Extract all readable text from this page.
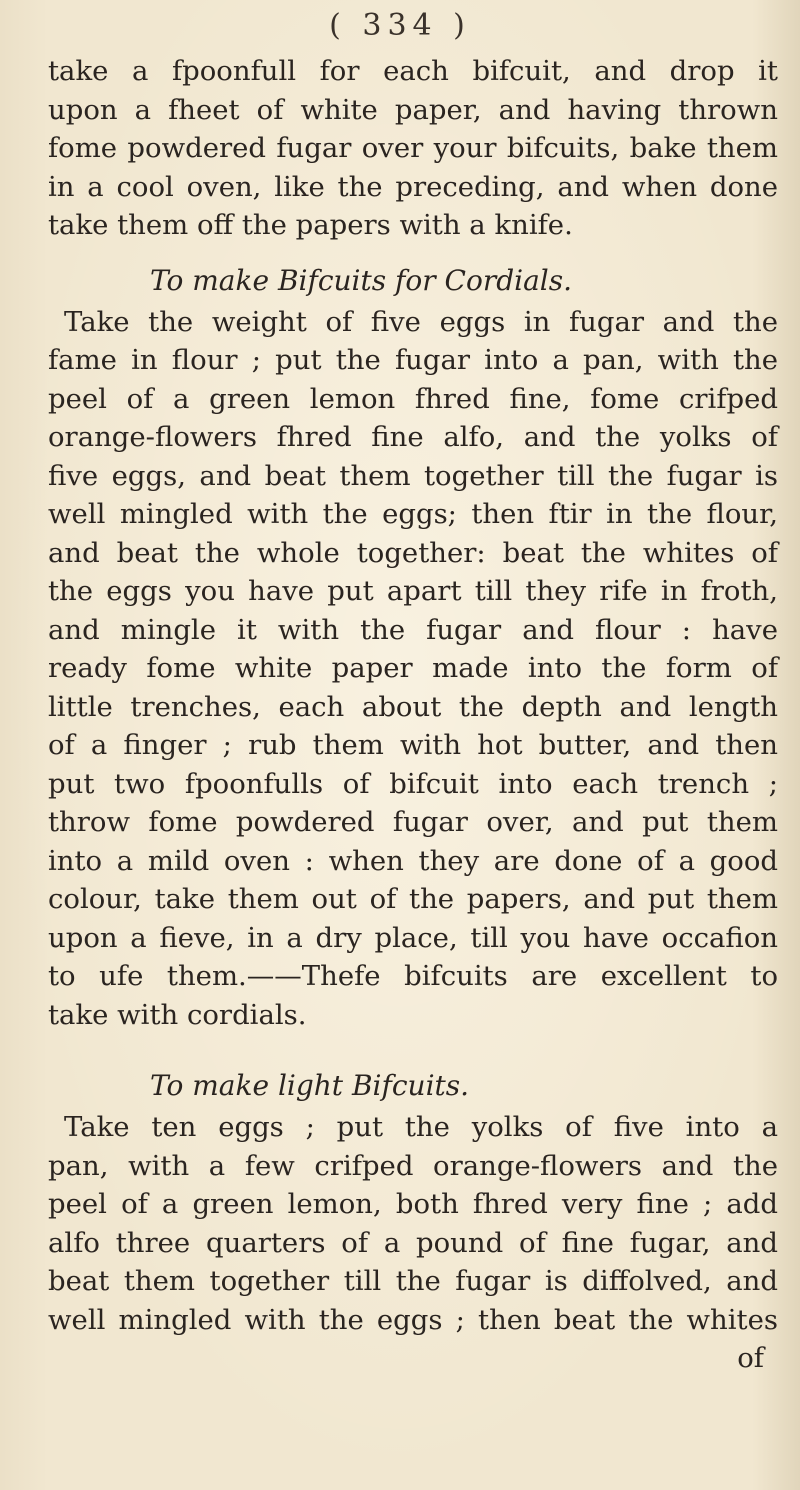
( 334 )
take a fpoonfull for each bifcuit, and drop it
upon a fheet of white paper, and having thrown
fome powdered fugar over your bifcuits, bake them
in a cool oven, like the preceding, and when done
take them off the papers with a knife.
To make Bifcuits for Cordials.
Take the weight of five eggs in fugar and the
fame in flour ; put the fugar into a pan, with the
peel of a green lemon fhred fine, fome crifped
orange-flowers fhred fine alfo, and the yolks of
five eggs, and beat them together till the fugar is
well mingled with the eggs; then ftir in the flour,
and beat the whole together: beat the whites of
the eggs you have put apart till they rife in froth,
and mingle it with the fugar and flour : have
ready fome white paper made into the form of
little trenches, each about the depth and length
of a finger ; rub them with hot butter, and then
put two fpoonfulls of bifcuit into each trench ;
throw fome powdered fugar over, and put them
into a mild oven : when they are done of a good
colour, take them out of the papers, and put them
upon a fieve, in a dry place, till you have occafion
to ufe them.——Thefe bifcuits are excellent to
take with cordials.
To make light Bifcuits.
Take ten eggs ; put the yolks of five into a
pan, with a few crifped orange-flowers and the
peel of a green lemon, both fhred very fine ; add
alfo three quarters of a pound of fine fugar, and
beat them together till the fugar is diffolved, and
well mingled with the eggs ; then beat the whites
of
